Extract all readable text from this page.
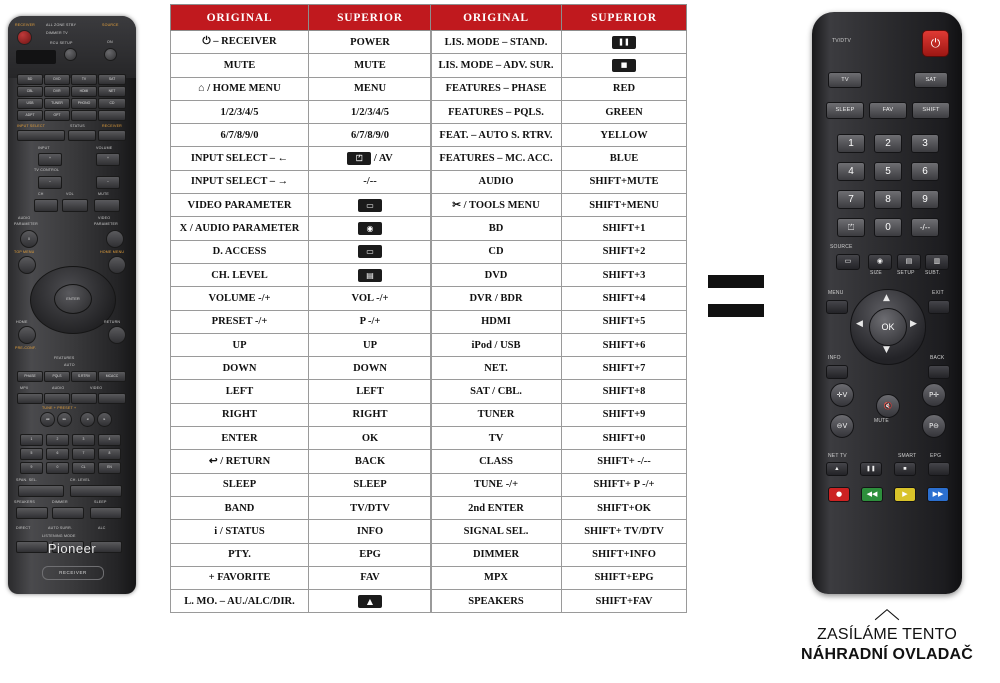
RECEIVER	ALL ZONE STBY	SOURCE
DIMMER TV
RCU SETUP	ON
BD	DVD	TV	SAT
CBL	DVR	HDMI	NET
USB	TUNER	PHONO	CD
ADPT	OPT
INPUT SELECT	STATUS	RECEIVER
INPUT	VOLUME
+	+
TV CONTROL
–	–
CH	VOL	MUTE
AUDIO
PARAMETER
VIDEO
PARAMETER
X
TOP MENU	HOME MENU
ENTER
HOME	RETURN
PRE-CONF.
FEATURES
AUTO
PHASE	PQLS	S.RTRV	MCACC
MPX	AUDIO	VIDEO
TUNE + PRESET +
◂◂	▸▸	◂	▸
1	2	3	4
5	6	7	8
9	0	CL	EN
SPAN. SEL.	CH. LEVEL
SPEAKERS	DIMMER	SLEEP
DIRECT	AUTO SURR.	ALC
LISTENING MODE
Pioneer
RECEIVER
ORIGINAL	SUPERIOR
⏻ – RECEIVER	POWER
MUTE	MUTE
⌂ / HOME MENU	MENU
1/2/3/4/5	1/2/3/4/5
6/7/8/9/0	6/7/8/9/0
INPUT SELECT – ←	⏍ / AV
INPUT SELECT – →	-/--
VIDEO PARAMETER	▭

X / AUDIO PARAMETER	◉

D. ACCESS	▭

CH. LEVEL	▤

VOLUME -/+	VOL -/+
PRESET -/+	P -/+
UP	UP
DOWN	DOWN
LEFT	LEFT
RIGHT	RIGHT
ENTER	OK
↩ / RETURN	BACK
SLEEP	SLEEP
BAND	TV/DTV
i / STATUS	INFO
PTY.	EPG
+ FAVORITE	FAV
L. MO. – AU./ALC/DIR.	▲
ORIGINAL	SUPERIOR
LIS. MODE – STAND.	❚❚

LIS. MODE – ADV. SUR.	■

FEATURES – PHASE	RED
FEATURES – PQLS.	GREEN
FEAT. – AUTO S. RTRV.	YELLOW
FEATURES – MC. ACC.	BLUE
AUDIO	SHIFT+MUTE
✂ / TOOLS MENU	SHIFT+MENU
BD	SHIFT+1
CD	SHIFT+2
DVD	SHIFT+3
DVR / BDR	SHIFT+4
HDMI	SHIFT+5
iPod / USB	SHIFT+6
NET.	SHIFT+7
SAT / CBL.	SHIFT+8
TUNER	SHIFT+9
TV	SHIFT+0
CLASS	SHIFT+ -/--
TUNE -/+	SHIFT+ P -/+
2nd ENTER	SHIFT+OK
SIGNAL SEL.	SHIFT+ TV/DTV
DIMMER	SHIFT+INFO
MPX	SHIFT+EPG
SPEAKERS	SHIFT+FAV
TV/DTV	⏻
TV	SAT
SLEEP	FAV	SHIFT
1	2	3
4	5	6
7	8	9
0
⏍	-/--
SOURCE
▭	◉	▤	▥
SIZE	SETUP SUBT.
MENU	EXIT
OK
▲
▼
◀	▶
INFO	BACK
✛V	P✛
⊖V	P⊖
🔇
MUTE
NET TV	SMART	EPG
▲	❚❚	■
●	◀◀	▶	▶▶
︿
ZASÍLÁME TENTO
NÁHRADNÍ OVLADAČ
